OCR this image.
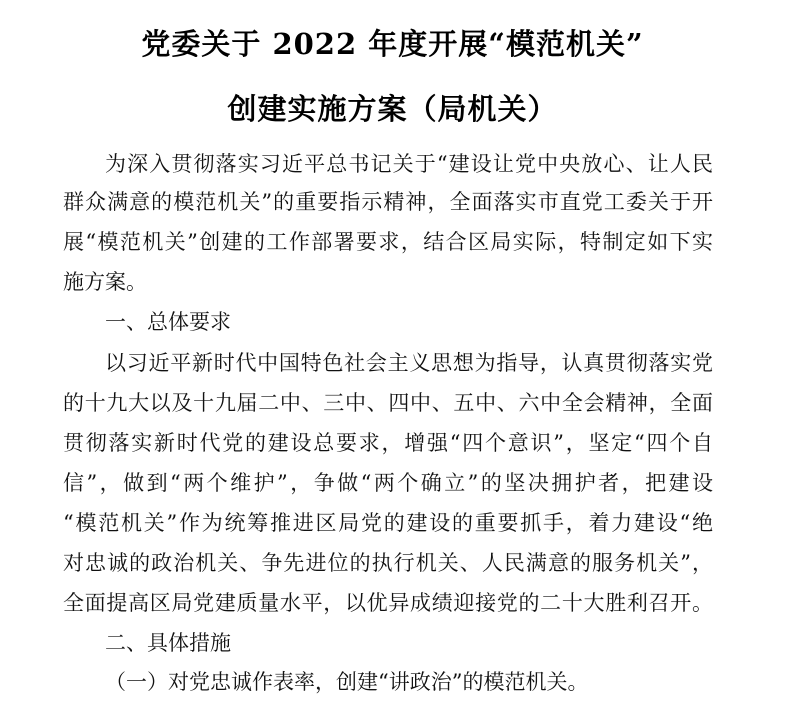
党委关于 2022 年度开展“模范机关”
创建实施方案（局机关）
为深入贯彻落实习近平总书记关于“建设让党中央放心、让人民
群众满意的模范机关”的重要指示精神，全面落实市直党工委关于开
展“模范机关”创建的工作部署要求，结合区局实际，特制定如下实
施方案。
一、总体要求
以习近平新时代中国特色社会主义思想为指导，认真贯彻落实党
的十九大以及十九届二中、三中、四中、五中、六中全会精神，全面
贯彻落实新时代党的建设总要求，增强“四个意识”，坚定“四个自
信”，做到“两个维护”，争做“两个确立”的坚决拥护者，把建设
“模范机关”作为统筹推进区局党的建设的重要抓手，着力建设“绝
对忠诚的政治机关、争先进位的执行机关、人民满意的服务机关”，
全面提高区局党建质量水平，以优异成绩迎接党的二十大胜利召开。
二、具体措施
（一）对党忠诚作表率，创建“讲政治”的模范机关。
